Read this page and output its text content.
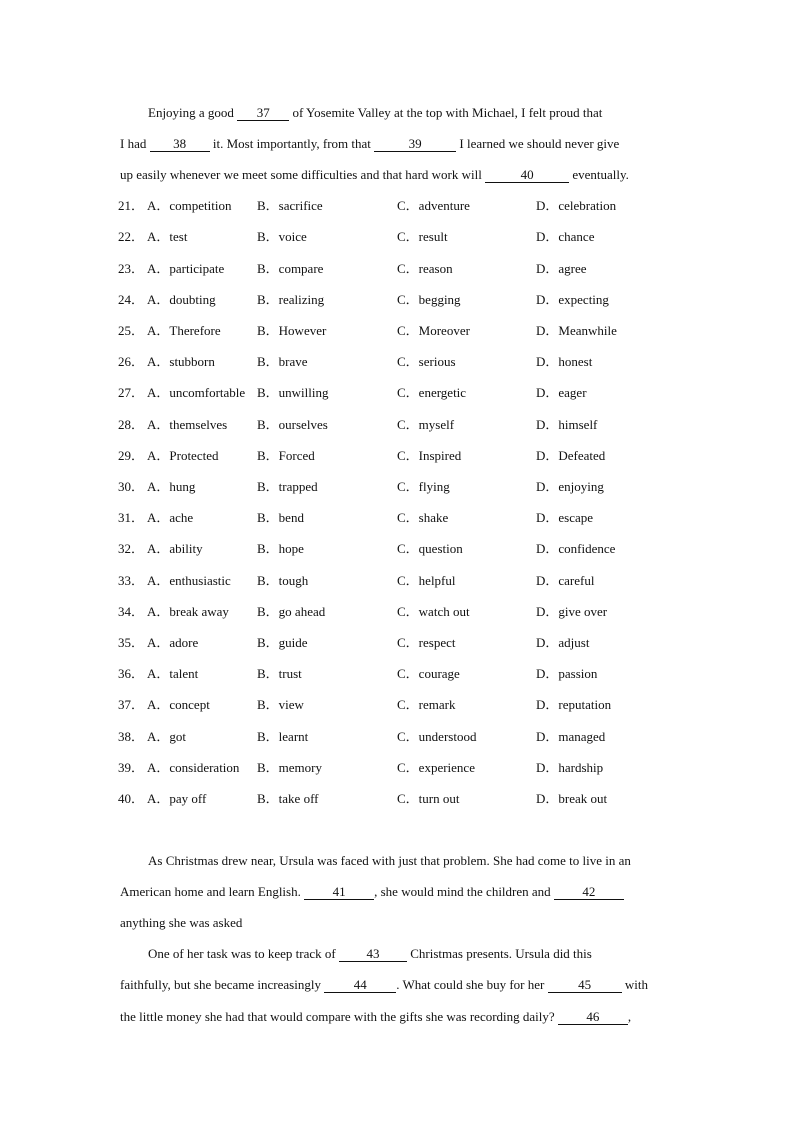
Enjoying a good 37 of Yosemite Valley at the top with Michael, I felt proud that
I had 38 it. Most importantly, from that	39	I learned we should never give
up easily whenever we meet some difficulties and that hard work will	40	eventually.
21． A．competition B．sacrifice	C．adventure	D．celebration
22． A．test	B．voice	C．result	D．chance
23． A．participate	B．compare	C．reason	D．agree
24． A．doubting	B．realizing	C．begging	D．expecting
25． A．Therefore	B．However	C．Moreover	D．Meanwhile
26． A．stubborn	B．brave	C．serious	D．honest
27． A．uncomfortable B．unwilling	C．energetic	D．eager
28． A．themselves B．ourselves	C．myself	D．himself
29． A．Protected	B．Forced	C．Inspired	D．Defeated
30． A．hung	B．trapped	C．flying	D．enjoying
31． A．ache	B．bend	C．shake	D．escape
32． A．ability	B．hope	C．question	D．confidence
33． A．enthusiastic B．tough	C．helpful	D．careful
34． A．break away B．go ahead	C．watch out	D．give over
35． A．adore	B．guide	C．respect	D．adjust
36． A．talent	B．trust	C．courage	D．passion
37． A．concept	B．view	C．remark	D．reputation
38． A．got	B．learnt	C．understood	D．managed
39． A．consideration B．memory	C．experience	D．hardship
40． A．pay off	B．take off	C．turn out	D．break out
As Christmas drew near, Ursula was faced with just that problem. She had come to live in an
American home and learn English. 41 , she would mind the children and 42
anything she was asked
One of her task was to keep track of 43 Christmas presents. Ursula did this
faithfully, but she became increasingly 44 . What could she buy for her 45 with
the little money she had that would compare with the gifts she was recording daily? 46 ,
